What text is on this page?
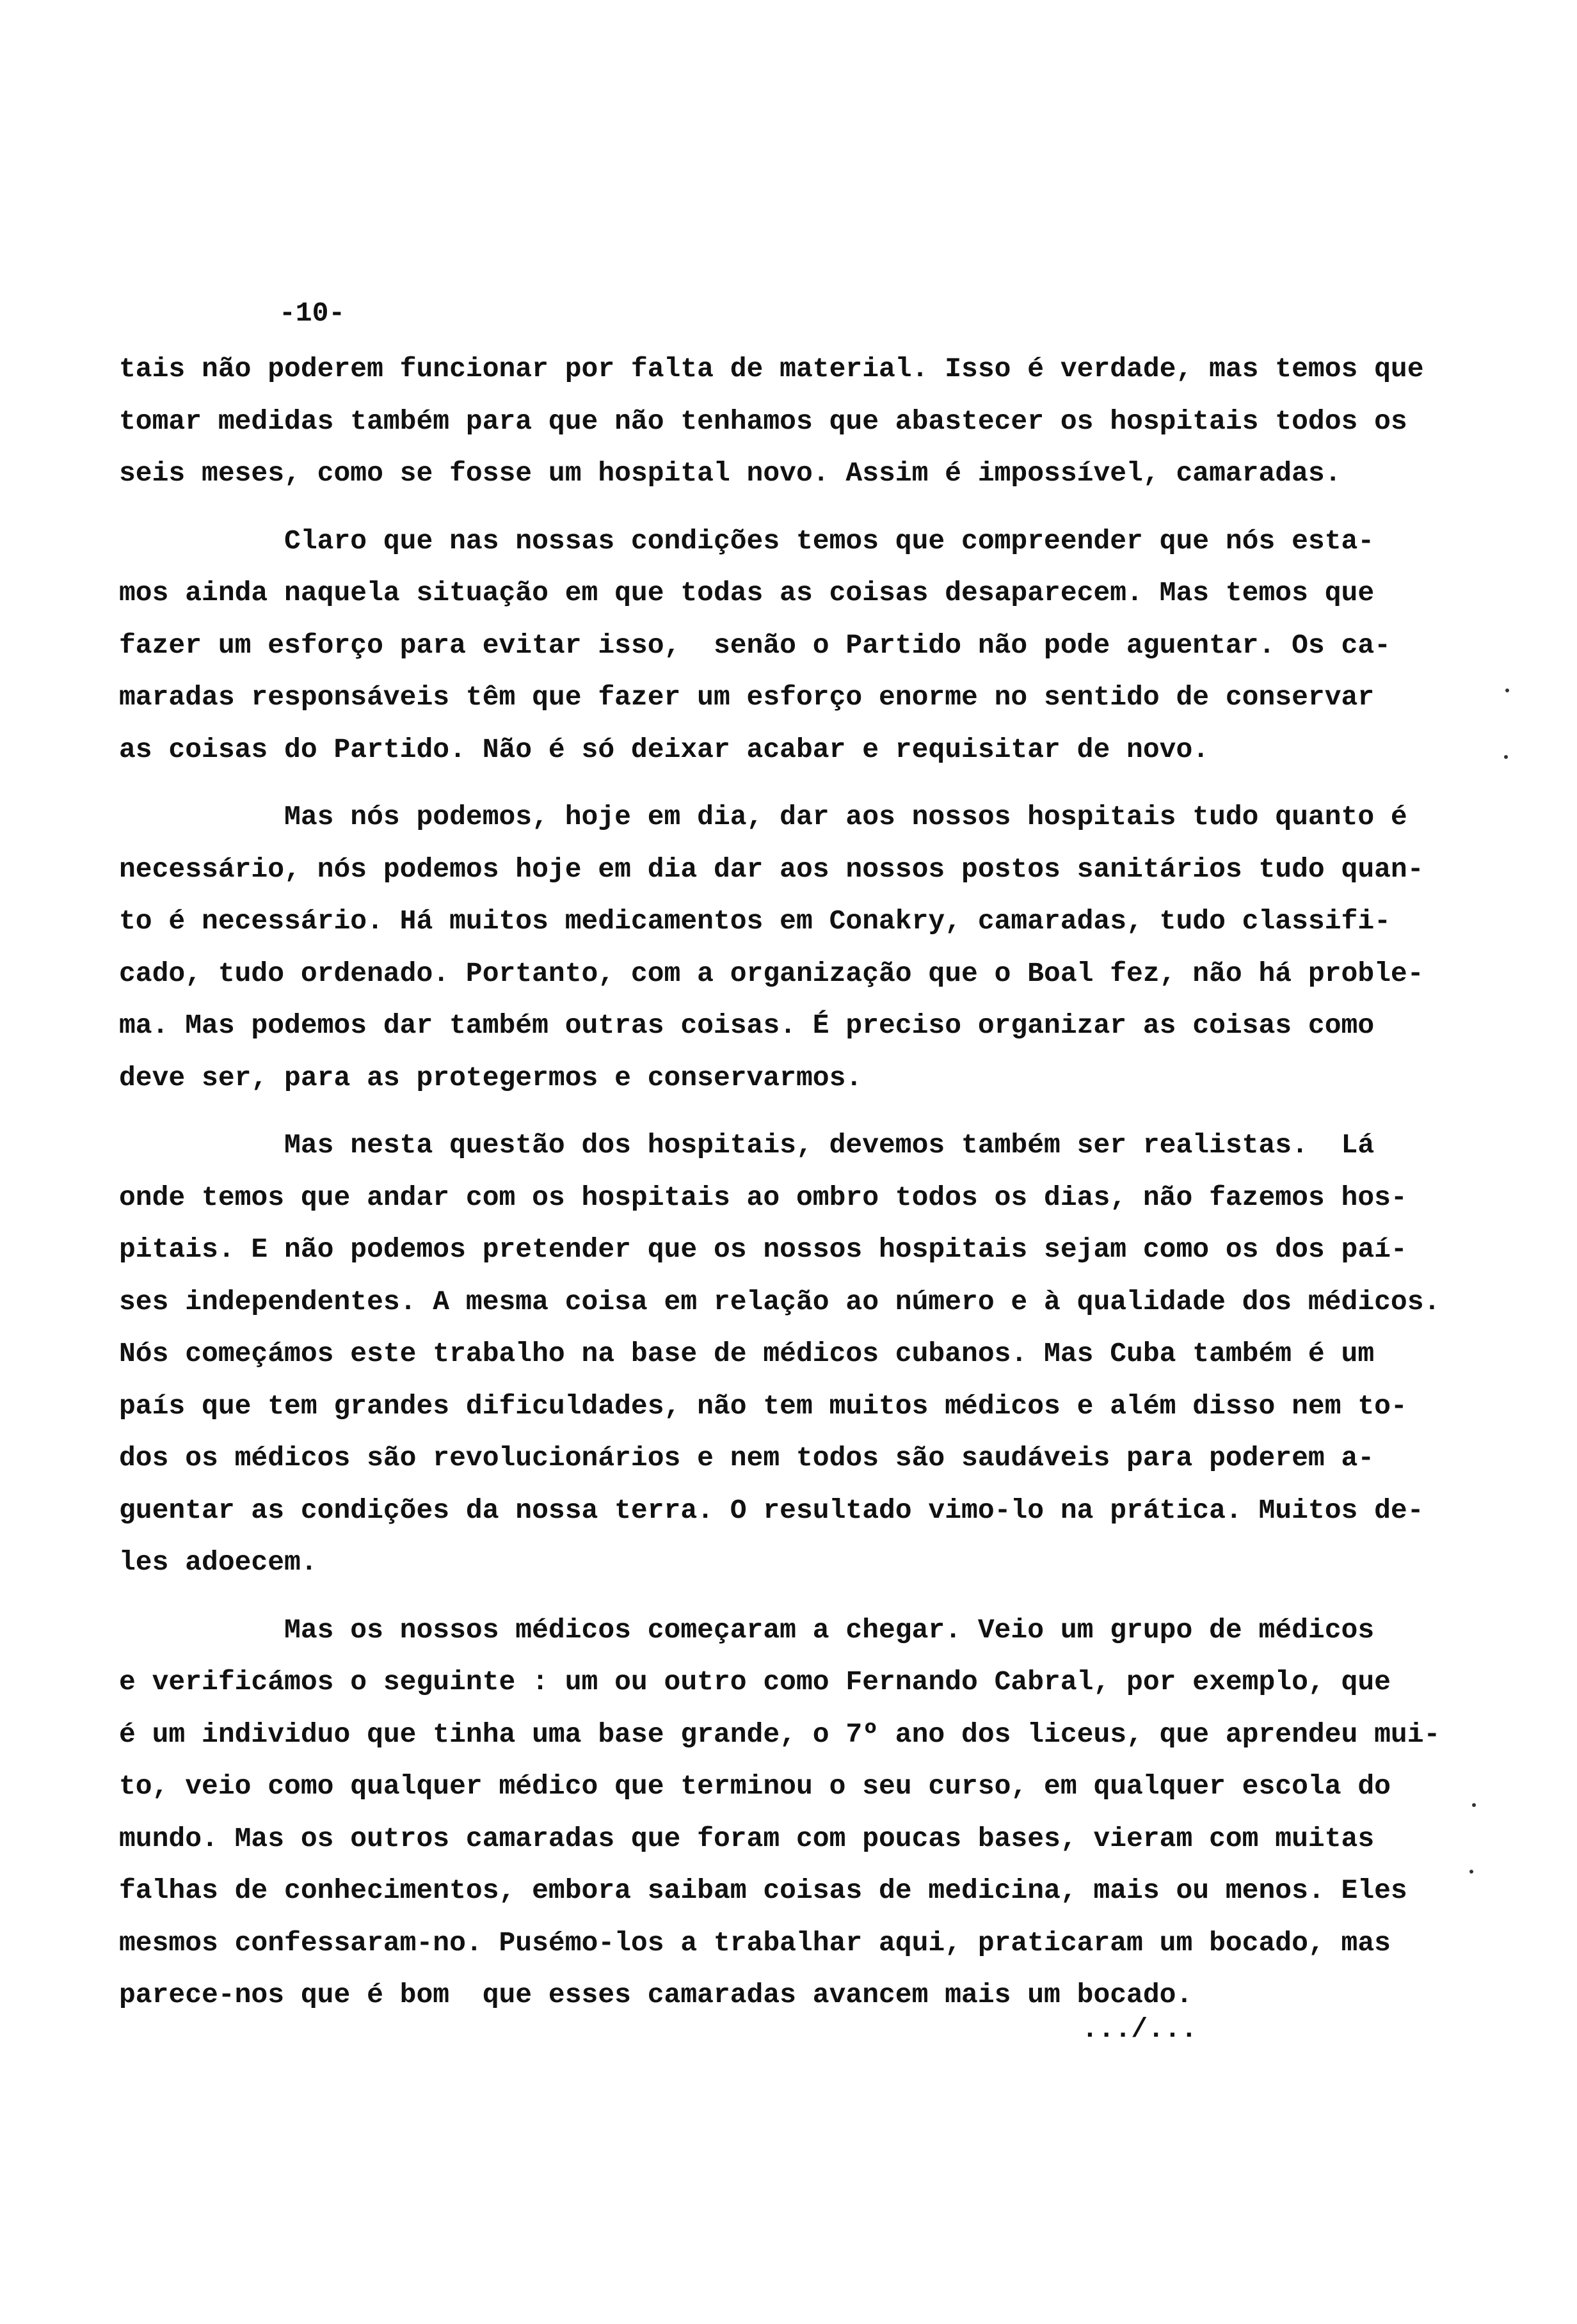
-10-
tais não poderem funcionar por falta de material. Isso é verdade, mas temos que
tomar medidas também para que não tenhamos que abastecer os hospitais todos os
seis meses, como se fosse um hospital novo. Assim é impossível, camaradas.
Claro que nas nossas condições temos que compreender que nós esta-
mos ainda naquela situação em que todas as coisas desaparecem. Mas temos que
fazer um esforço para evitar isso,  senão o Partido não pode aguentar. Os ca-
maradas responsáveis têm que fazer um esforço enorme no sentido de conservar
as coisas do Partido. Não é só deixar acabar e requisitar de novo.
Mas nós podemos, hoje em dia, dar aos nossos hospitais tudo quanto é
necessário, nós podemos hoje em dia dar aos nossos postos sanitários tudo quan-
to é necessário. Há muitos medicamentos em Conakry, camaradas, tudo classifi-
cado, tudo ordenado. Portanto, com a organização que o Boal fez, não há proble-
ma. Mas podemos dar também outras coisas. É preciso organizar as coisas como
deve ser, para as protegermos e conservarmos.
Mas nesta questão dos hospitais, devemos também ser realistas.  Lá
onde temos que andar com os hospitais ao ombro todos os dias, não fazemos hos-
pitais. E não podemos pretender que os nossos hospitais sejam como os dos paí-
ses independentes. A mesma coisa em relação ao número e à qualidade dos médicos.
Nós começámos este trabalho na base de médicos cubanos. Mas Cuba também é um
país que tem grandes dificuldades, não tem muitos médicos e além disso nem to-
dos os médicos são revolucionários e nem todos são saudáveis para poderem a-
guentar as condições da nossa terra. O resultado vimo-lo na prática. Muitos de-
les adoecem.
Mas os nossos médicos começaram a chegar. Veio um grupo de médicos
e verificámos o seguinte : um ou outro como Fernando Cabral, por exemplo, que
é um individuo que tinha uma base grande, o 7º ano dos liceus, que aprendeu mui-
to, veio como qualquer médico que terminou o seu curso, em qualquer escola do
mundo. Mas os outros camaradas que foram com poucas bases, vieram com muitas
falhas de conhecimentos, embora saibam coisas de medicina, mais ou menos. Eles
mesmos confessaram-no. Pusémo-los a trabalhar aqui, praticaram um bocado, mas
parece-nos que é bom  que esses camaradas avancem mais um bocado.
.../...
